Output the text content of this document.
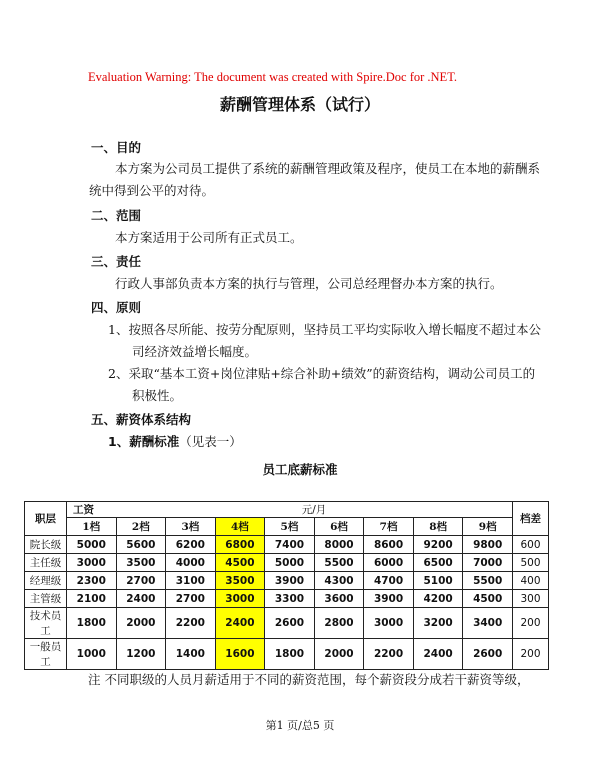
Evaluation Warning: The document was created with Spire.Doc for .NET.
薪酬管理体系（试行）
一、目的
本方案为公司员工提供了系统的薪酬管理政策及程序，使员工在本地的薪酬系
统中得到公平的对待。
二、范围
本方案适用于公司所有正式员工。
三、责任
行政人事部负责本方案的执行与管理，公司总经理督办本方案的执行。
四、原则
1、按照各尽所能、按劳分配原则，坚持员工平均实际收入增长幅度不超过本公
司经济效益增长幅度。
2、采取“基本工资+岗位津贴+综合补助+绩效”的薪资结构，调动公司员工的
积极性。
五、薪资体系结构
1、薪酬标准（见表一）
员工底薪标准
职层	工资	元/月								档差
	1档	2档	3档	4档	5档	6档	7档	8档	9档	
院长级	5000	5600	6200	6800	7400	8000	8600	9200	9800	600
主任级	3000	3500	4000	4500	5000	5500	6000	6500	7000	500
经理级	2300	2700	3100	3500	3900	4300	4700	5100	5500	400
主管级	2100	2400	2700	3000	3300	3600	3900	4200	4500	300
技术员工	1800	2000	2200	2400	2600	2800	3000	3200	3400	200
一般员工	1000	1200	1400	1600	1800	2000	2200	2400	2600	200
注 不同职级的人员月薪适用于不同的薪资范围，每个薪资段分成若干薪资等级，
第1 页/总5 页
